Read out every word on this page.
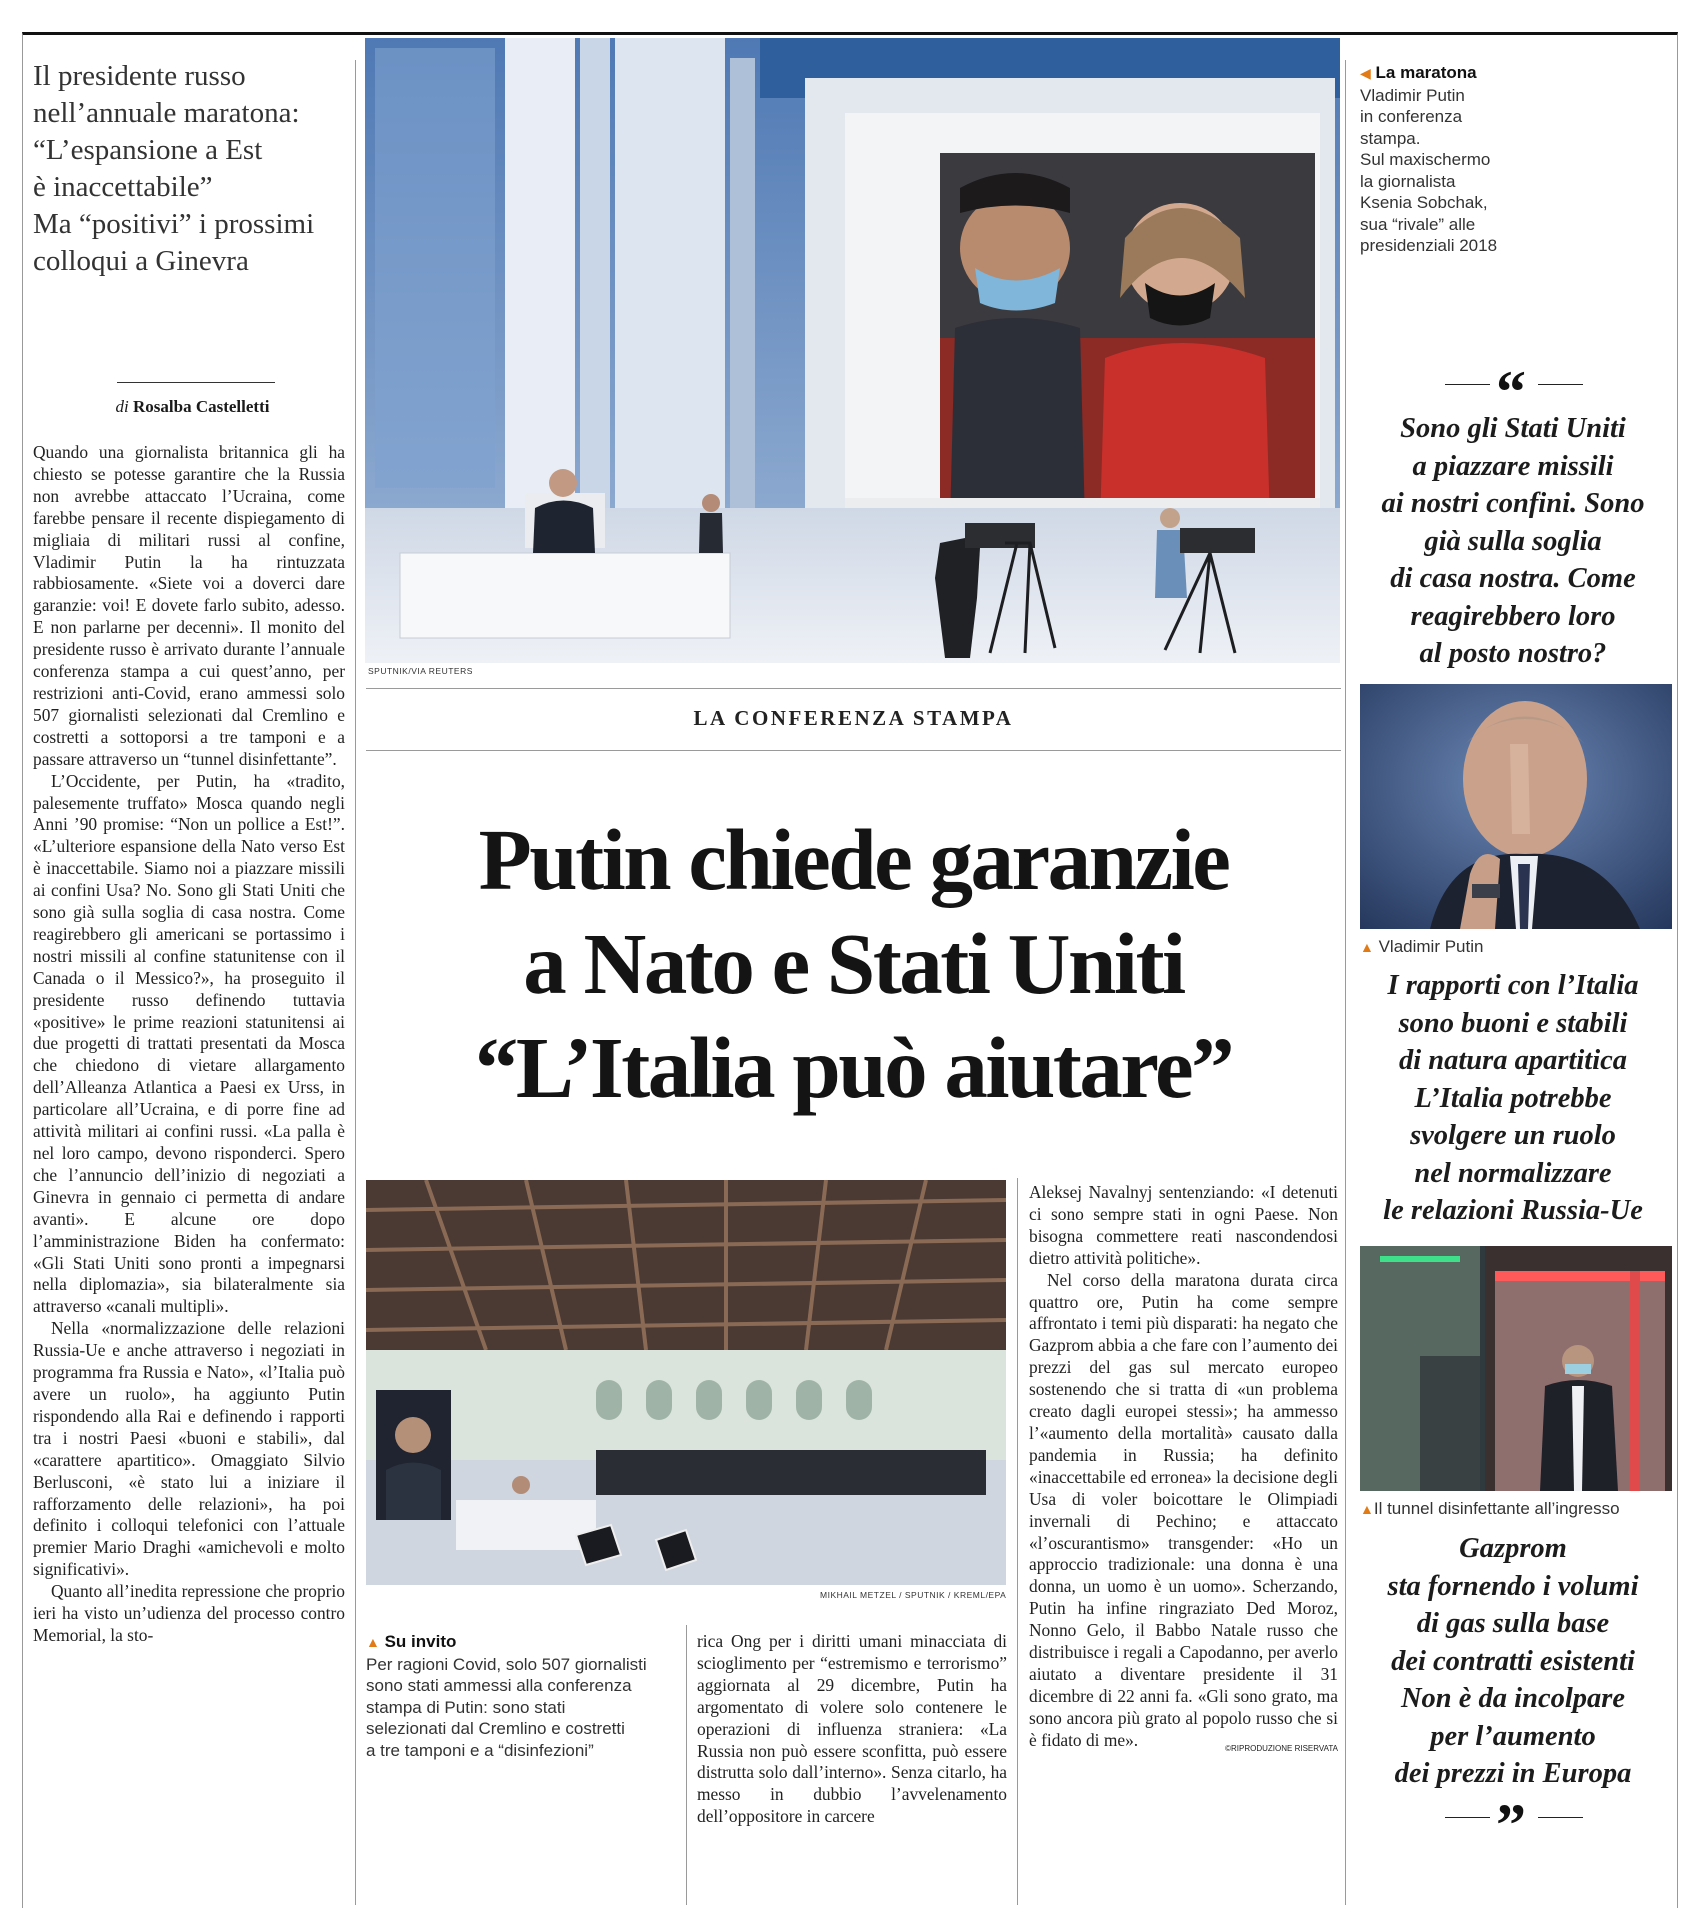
Il presidente russo
nell’annuale maratona:
“L’espansione a Est
è inaccettabile”
Ma “positivi” i prossimi
colloqui a Ginevra
di Rosalba Castelletti

Quando una giornalista britannica gli ha chiesto se potesse garantire che la Russia non avrebbe attaccato l’Ucraina, come farebbe pensare il recente dispiegamento di migliaia di militari russi al confine, Vladimir Putin la ha rintuzzata rabbiosamente. «Siete voi a doverci dare garanzie: voi! E dovete farlo subito, adesso. E non parlarne per decenni». Il monito del presidente russo è arrivato durante l’annuale conferenza stampa a cui quest’anno, per restrizioni anti-Covid, erano ammessi solo 507 giornalisti selezionati dal Cremlino e costretti a sottoporsi a tre tamponi e a passare attraverso un “tunnel disinfettante”.

L’Occidente, per Putin, ha «tradito, palesemente truffato» Mosca quando negli Anni ’90 promise: “Non un pollice a Est!”. «L’ulteriore espansione della Nato verso Est è inaccettabile. Siamo noi a piazzare missili ai confini Usa? No. Sono gli Stati Uniti che sono già sulla soglia di casa nostra. Come reagirebbero gli americani se portassimo i nostri missili al confine statunitense con il Canada o il Messico?», ha proseguito il presidente russo definendo tuttavia «positive» le prime reazioni statunitensi ai due progetti di trattati presentati da Mosca che chiedono di vietare allargamento dell’Alleanza Atlantica a Paesi ex Urss, in particolare all’Ucraina, e di porre fine ad attività militari ai confini russi. «La palla è nel loro campo, devono risponderci. Spero che l’annuncio dell’inizio di negoziati a Ginevra in gennaio ci permetta di andare avanti». E alcune ore dopo l’amministrazione Biden ha confermato: «Gli Stati Uniti sono pronti a impegnarsi nella diplomazia», sia bilateralmente sia attraverso «canali multipli».

Nella «normalizzazione delle relazioni Russia-Ue e anche attraverso i negoziati in programma fra Russia e Nato», «l’Italia può avere un ruolo», ha aggiunto Putin rispondendo alla Rai e definendo i rapporti tra i nostri Paesi «buoni e stabili», dal «carattere apartitico». Omaggiato Silvio Berlusconi, «è stato lui a iniziare il rafforzamento delle relazioni», ha poi definito i colloqui telefonici con l’attuale premier Mario Draghi «amichevoli e molto significativi».

Quanto all’inedita repressione che proprio ieri ha visto un’udienza del processo contro Memorial, la sto-

SPUTNIK/VIA REUTERS
LA CONFERENZA STAMPA
Putin chiede garanzie
a Nato e Stati Uniti
“L’Italia può aiutare”
MIKHAIL METZEL / SPUTNIK / KREML/EPA
▲ Su invito
Per ragioni Covid, solo 507 giornalisti
sono stati ammessi alla conferenza
stampa di Putin: sono stati
selezionati dal Cremlino e costretti
a tre tamponi e a “disinfezioni”

rica Ong per i diritti umani minacciata di scioglimento per “estremismo e terrorismo” aggiornata al 29 dicembre, Putin ha argomentato di volere solo contenere le operazioni di influenza straniera: «La Russia non può essere sconfitta, può essere distrutta solo dall’interno». Senza citarlo, ha messo in dubbio l’avvelenamento dell’oppositore in carcere

Aleksej Navalnyj sentenziando: «I detenuti ci sono sempre stati in ogni Paese. Non bisogna commettere reati nascondendosi dietro attività politiche».

Nel corso della maratona durata circa quattro ore, Putin ha come sempre affrontato i temi più disparati: ha negato che Gazprom abbia a che fare con l’aumento dei prezzi del gas sul mercato europeo sostenendo che si tratta di «un problema creato dagli europei stessi»; ha ammesso l’«aumento della mortalità» causato dalla pandemia in Russia; ha definito «inaccettabile ed erronea» la decisione degli Usa di voler boicottare le Olimpiadi invernali di Pechino; e attaccato «l’oscurantismo» transgender: «Ho un approccio tradizionale: una donna è una donna, un uomo è un uomo». Scherzando, Putin ha infine ringraziato Ded Moroz, Nonno Gelo, il Babbo Natale russo che distribuisce i regali a Capodanno, per averlo aiutato a diventare presidente il 31 dicembre di 22 anni fa. «Gli sono grato, ma sono ancora più grato al popolo russo che si è fidato di me».	©RIPRODUZIONE RISERVATA
◀ La maratona
Vladimir Putin
in conferenza
stampa.
Sul maxischermo
la giornalista
Ksenia Sobchak,
sua “rivale” alle
presidenziali 2018
“
Sono gli Stati Uniti
a piazzare missili
ai nostri confini. Sono
già sulla soglia
di casa nostra. Come
reagirebbero loro
al posto nostro?
▲ Vladimir Putin
I rapporti con l’Italia
sono buoni e stabili
di natura apartitica
L’Italia potrebbe
svolgere un ruolo
nel normalizzare
le relazioni Russia-Ue
▲Il tunnel disinfettante all’ingresso
Gazprom
sta fornendo i volumi
di gas sulla base
dei contratti esistenti
Non è da incolpare
per l’aumento
dei prezzi in Europa
”
